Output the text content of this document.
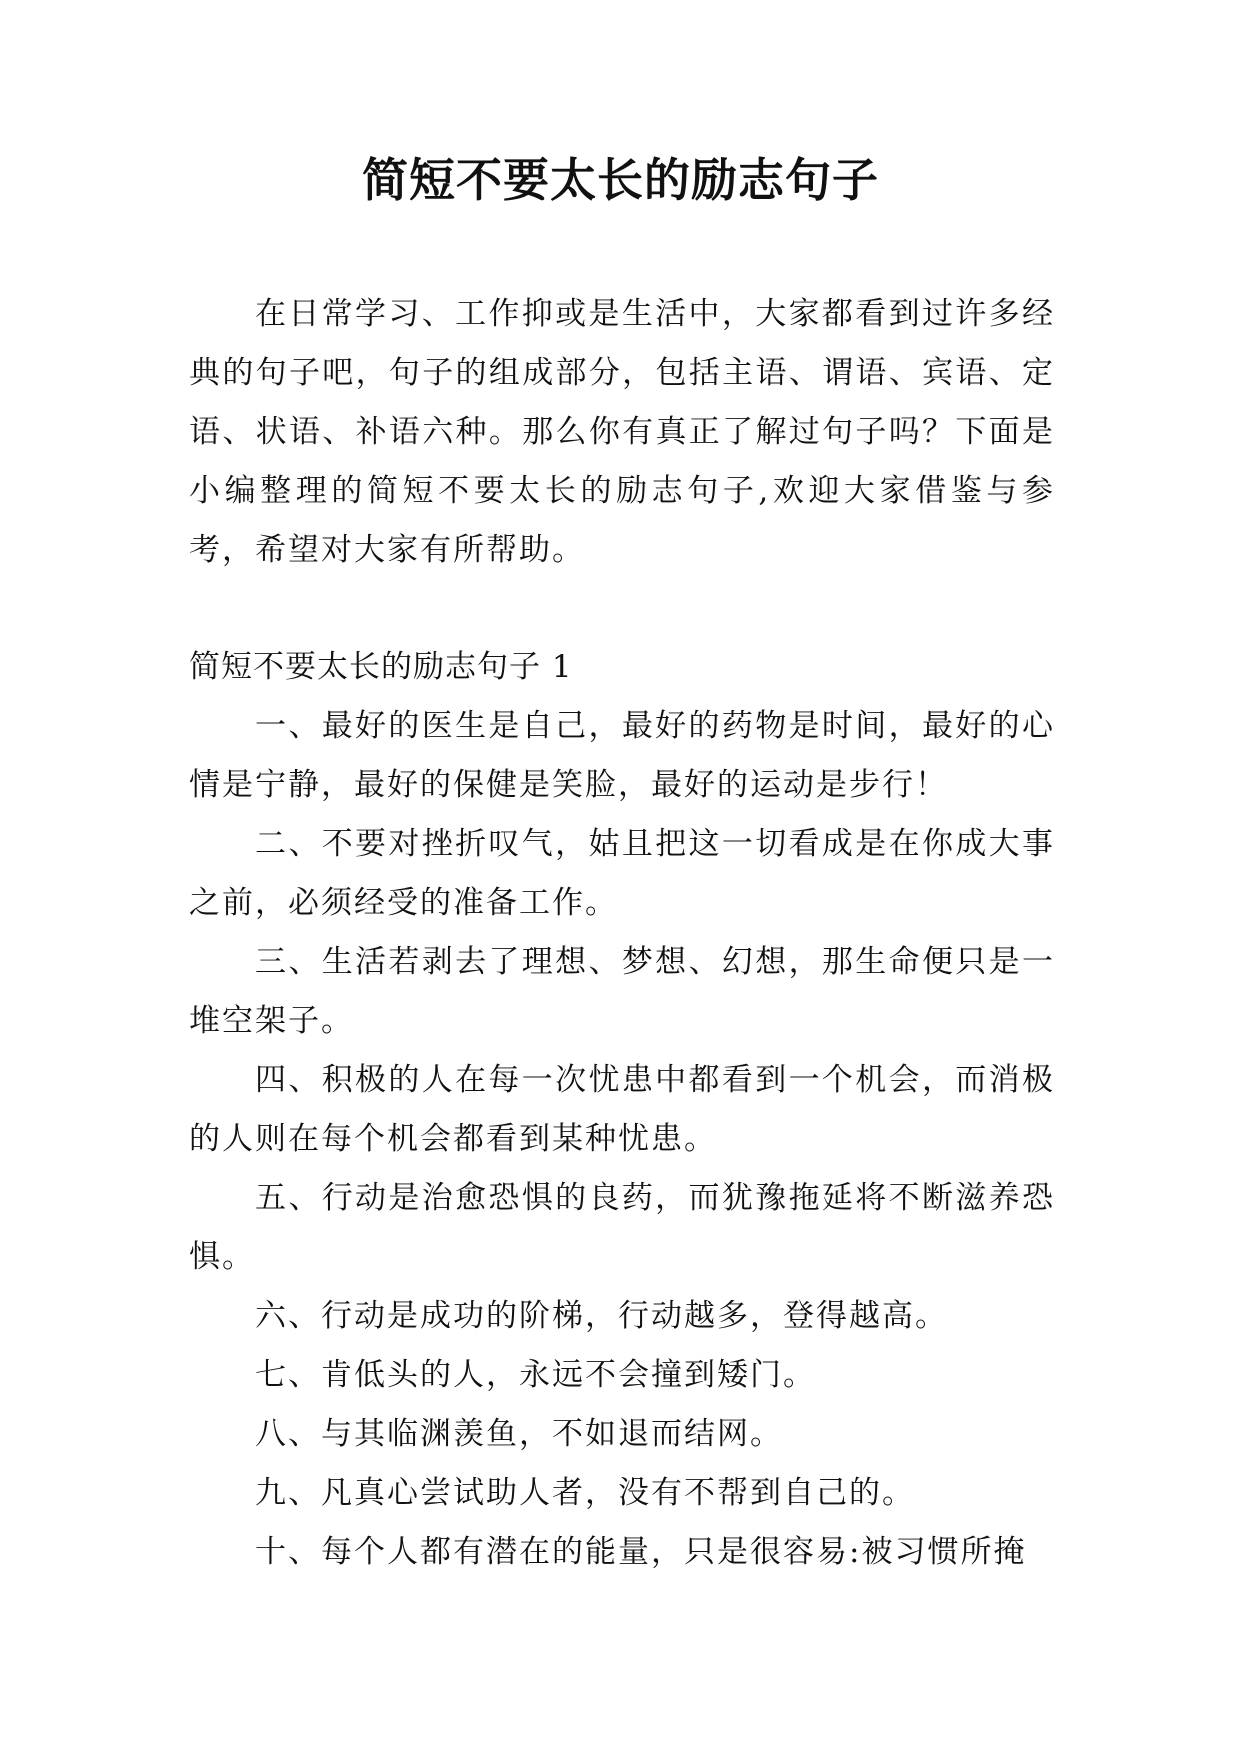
简短不要太长的励志句子
在日常学习、工作抑或是生活中，大家都看到过许多经典的句子吧，句子的组成部分，包括主语、谓语、宾语、定语、状语、补语六种。那么你有真正了解过句子吗？下面是小编整理的简短不要太长的励志句子,欢迎大家借鉴与参考，希望对大家有所帮助。
简短不要太长的励志句子 1

一、最好的医生是自己，最好的药物是时间，最好的心情是宁静，最好的保健是笑脸，最好的运动是步行！

二、不要对挫折叹气，姑且把这一切看成是在你成大事之前，必须经受的准备工作。

三、生活若剥去了理想、梦想、幻想，那生命便只是一堆空架子。

四、积极的人在每一次忧患中都看到一个机会，而消极的人则在每个机会都看到某种忧患。

五、行动是治愈恐惧的良药，而犹豫拖延将不断滋养恐惧。

六、行动是成功的阶梯，行动越多，登得越高。

七、肯低头的人，永远不会撞到矮门。

八、与其临渊羡鱼，不如退而结网。

九、凡真心尝试助人者，没有不帮到自己的。

十、每个人都有潜在的能量，只是很容易:被习惯所掩
